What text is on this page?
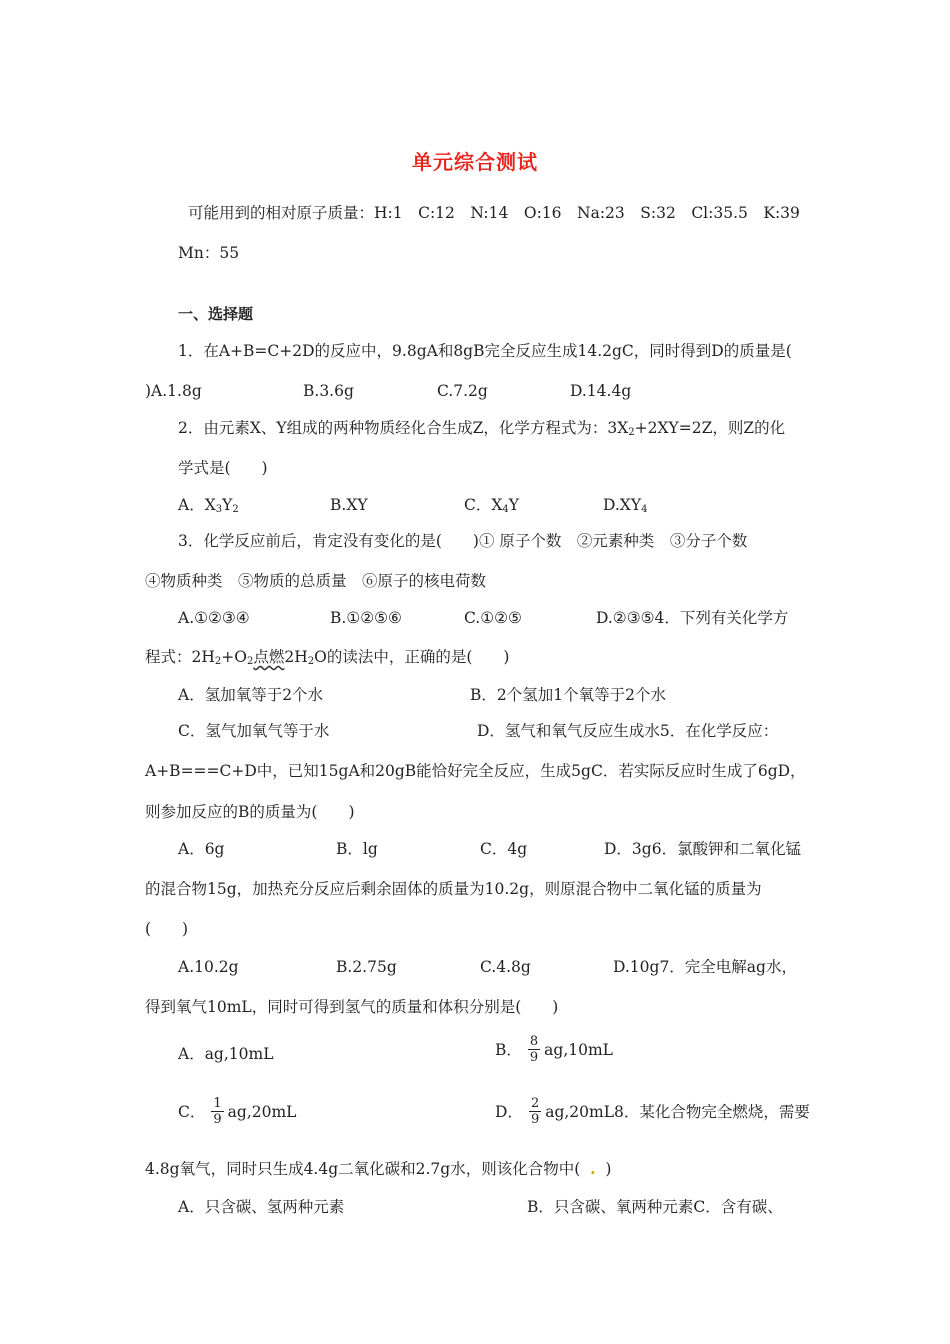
单元综合测试
可能用到的相对原子质量：H:1　C:12　N:14　O:16　Na:23　S:32　Cl:35.5　K:39
Mn：55
一、选择题
1．在A+B=C+2D的反应中，9.8gA和8gB完全反应生成14.2gC，同时得到D的质量是(
)A.1.8g	B.3.6g	C.7.2g	D.14.4g
2．由元素X、Y组成的两种物质经化合生成Z，化学方程式为：$3X_2+2XY=2Z$，则Z的化
学式是(　　)
A．$X_3Y_2$	B.XY	C．$X_4Y$	$D.XY_4$
3．化学反应前后，肯定没有变化的是(　　)① 原子个数　②元素种类　③分子个数
④物质种类　⑤物质的总质量　⑥原子的核电荷数
A.①②③④	B.①②⑤⑥	C.①②⑤	D.②③⑤4．下列有关化学方
程式：$2H_2+O_2$点燃$2H_2O$的读法中，正确的是(　　)
A．氢加氧等于2个水	B．2个氢加1个氧等于2个水
C．氢气加氧气等于水	D．氢气和氧气反应生成水5．在化学反应：
A+B===C+D中，已知15gA和20gB能恰好完全反应，生成5gC．若实际反应时生成了6gD，
则参加反应的B的质量为(　　)
A．6g	B．lg	C．4g	D．3g6．氯酸钾和二氧化锰
的混合物15g，加热充分反应后剩余固体的质量为10.2g，则原混合物中二氧化锰的质量为
(　　)
A.10.2g	B.2.75g	C.4.8g	D.10g7．完全电解ag水，
得到氧气10mL，同时可得到氢气的质量和体积分别是(　　)
A．ag,10mL	B． $\frac{8}{9} ag,10mL$
C． $\frac{1}{9} ag,20mL$	D． $\frac{2}{9} ag,20mL8$．某化合物完全燃烧，需要
4.8g氧气，同时只生成4.4g二氧化碳和2.7g水，则该化合物中( . )
A．只含碳、氢两种元素	B．只含碳、氧两种元素C．含有碳、
